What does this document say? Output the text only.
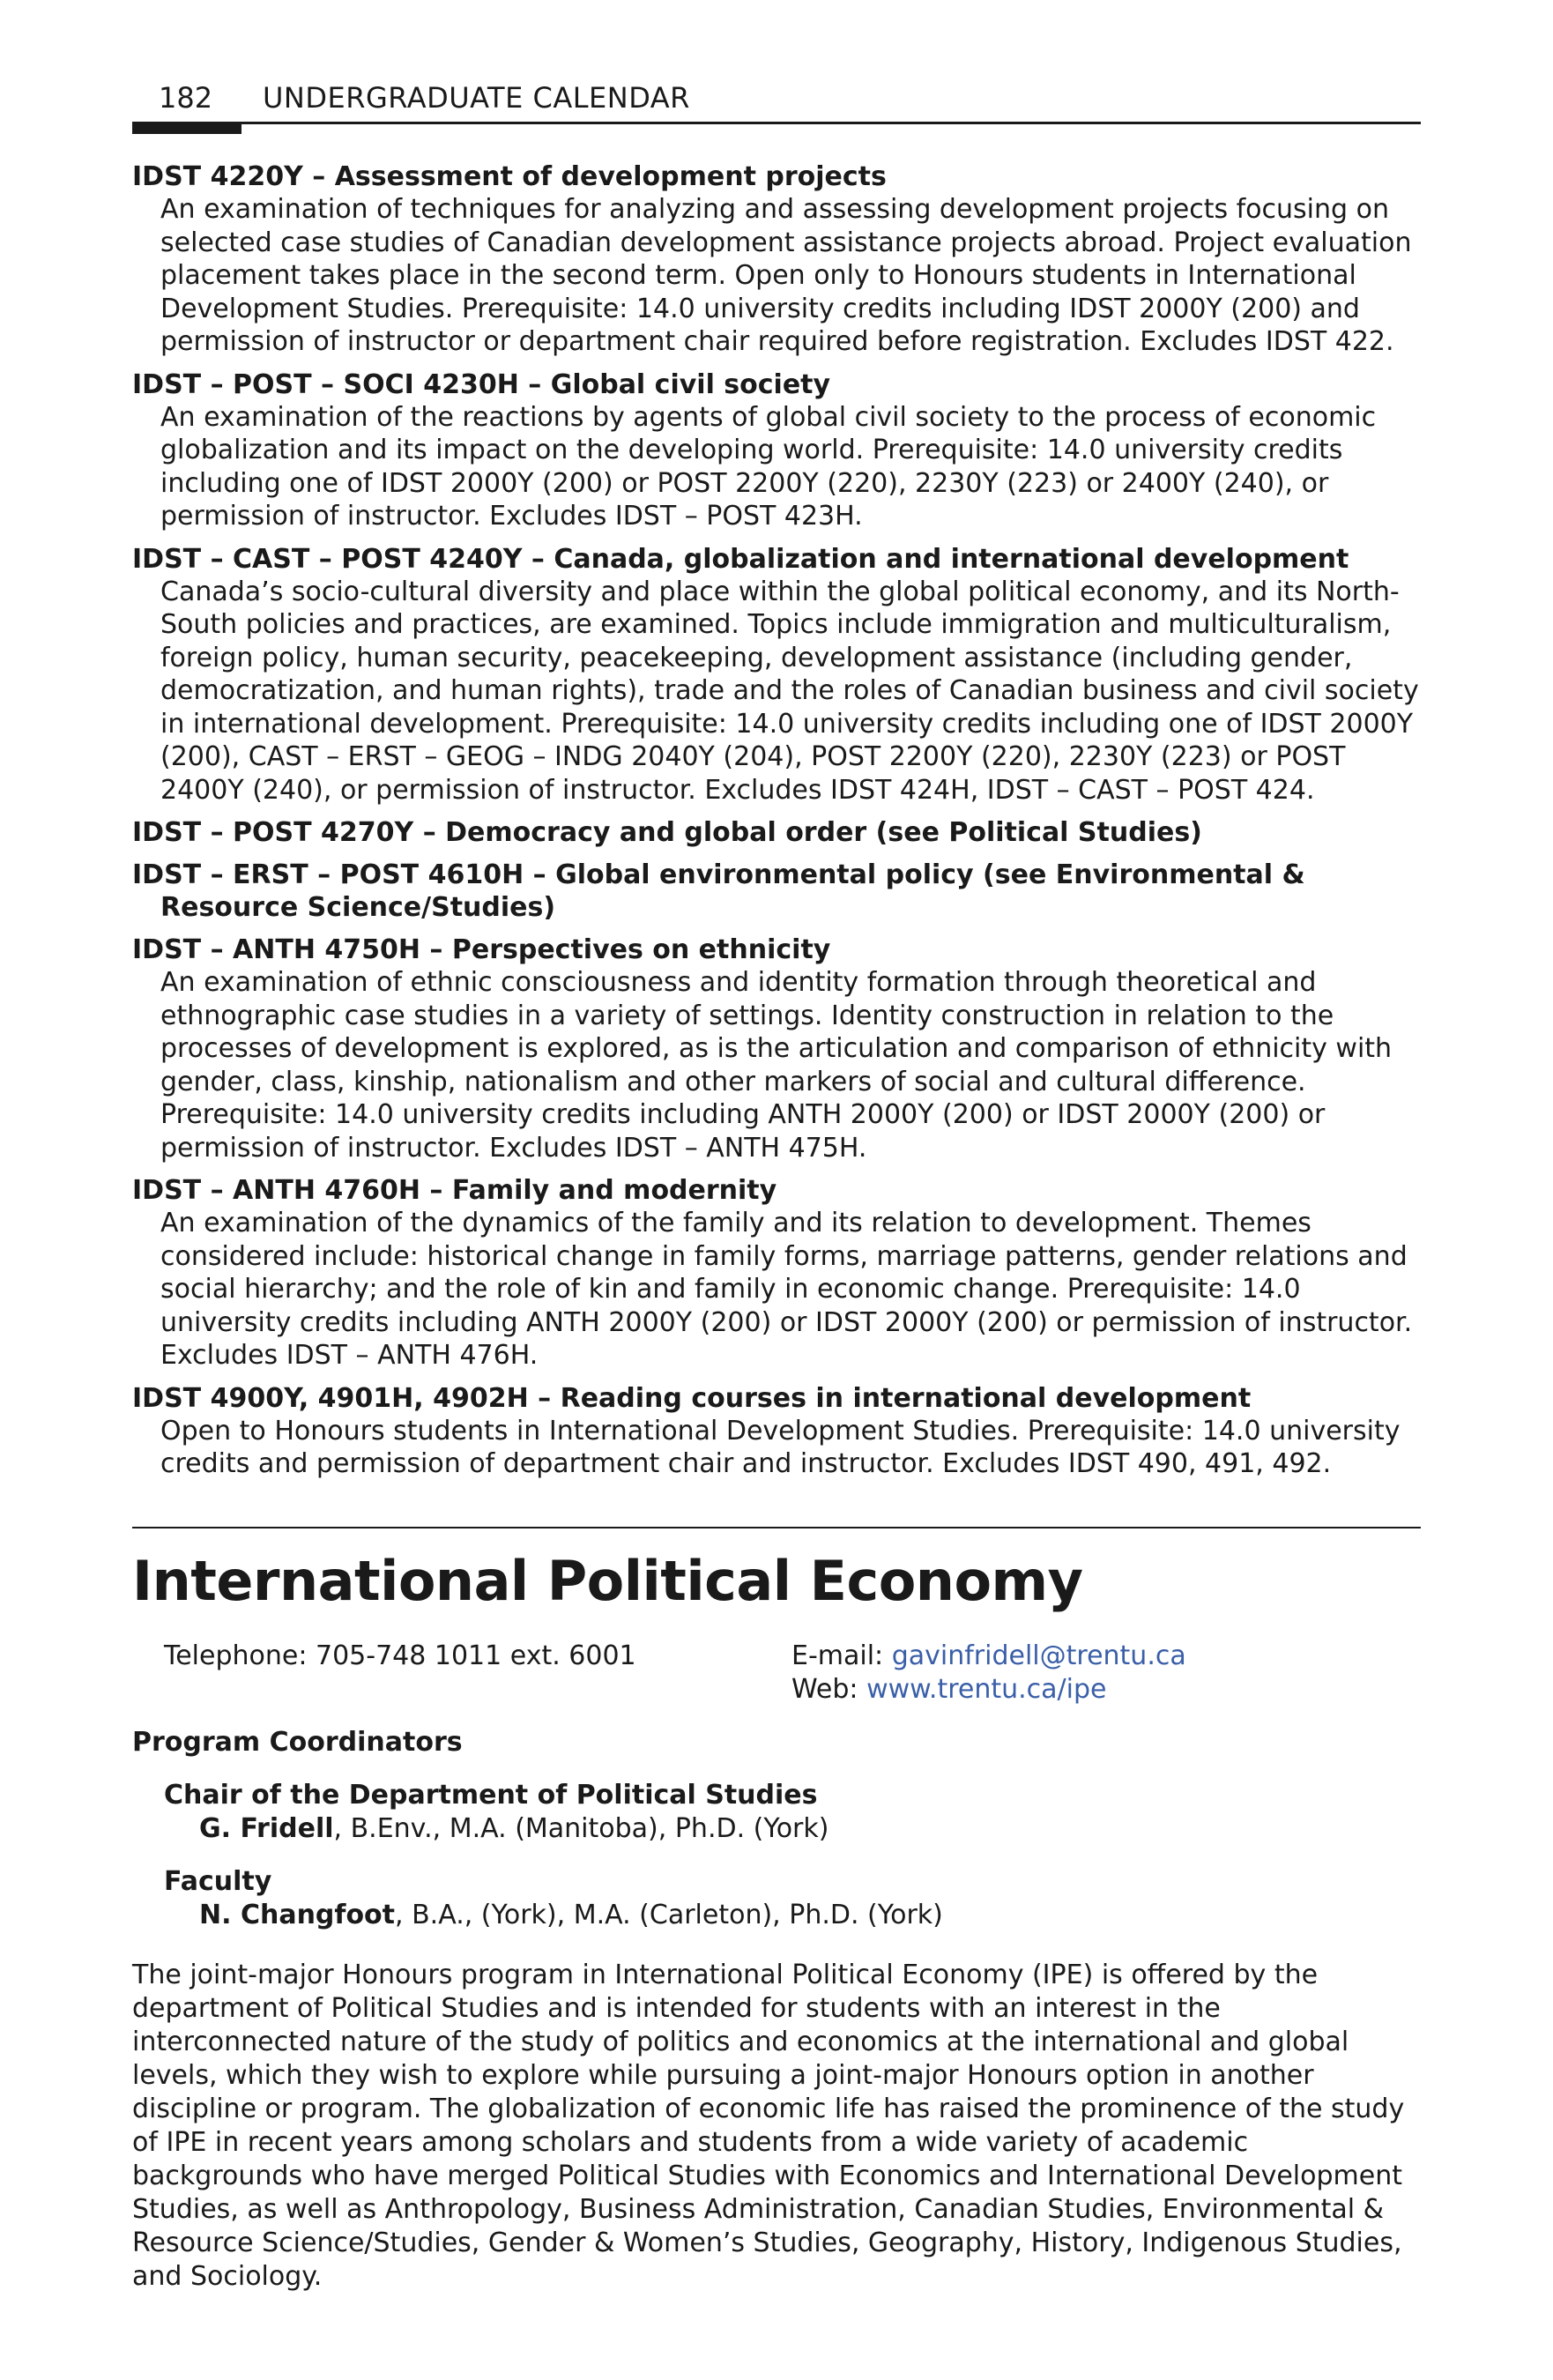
182 UNDERGRADUATE CALENDAR
IDST 4220Y – Assessment of development projects
An examination of techniques for analyzing and assessing development projects focusing on selected case studies of Canadian development assistance projects abroad. Project evaluation placement takes place in the second term. Open only to Honours students in International Development Studies. Prerequisite: 14.0 university credits including IDST 2000Y (200) and permission of instructor or department chair required before registration. Excludes IDST 422.
IDST – POST – SOCI 4230H – Global civil society
An examination of the reactions by agents of global civil society to the process of economic globalization and its impact on the developing world. Prerequisite: 14.0 university credits including one of IDST 2000Y (200) or POST 2200Y (220), 2230Y (223) or 2400Y (240), or permission of instructor. Excludes IDST – POST 423H.
IDST – CAST – POST 4240Y – Canada, globalization and international development
Canada’s socio-cultural diversity and place within the global political economy, and its North-South policies and practices, are examined. Topics include immigration and multiculturalism, foreign policy, human security, peacekeeping, development assistance (including gender, democratization, and human rights), trade and the roles of Canadian business and civil society in international development. Prerequisite: 14.0 university credits including one of IDST 2000Y (200), CAST – ERST – GEOG – INDG 2040Y (204), POST 2200Y (220), 2230Y (223) or POST 2400Y (240), or permission of instructor. Excludes IDST 424H, IDST – CAST – POST 424.
IDST – POST 4270Y – Democracy and global order (see Political Studies)
IDST – ERST – POST 4610H – Global environmental policy (see Environmental & Resource Science/Studies)
IDST – ANTH 4750H – Perspectives on ethnicity
An examination of ethnic consciousness and identity formation through theoretical and ethnographic case studies in a variety of settings. Identity construction in relation to the processes of development is explored, as is the articulation and comparison of ethnicity with gender, class, kinship, nationalism and other markers of social and cultural difference. Prerequisite: 14.0 university credits including ANTH 2000Y (200) or IDST 2000Y (200) or permission of instructor. Excludes IDST – ANTH 475H.
IDST – ANTH 4760H – Family and modernity
An examination of the dynamics of the family and its relation to development. Themes considered include: historical change in family forms, marriage patterns, gender relations and social hierarchy; and the role of kin and family in economic change. Prerequisite: 14.0 university credits including ANTH 2000Y (200) or IDST 2000Y (200) or permission of instructor. Excludes IDST – ANTH 476H.
IDST 4900Y, 4901H, 4902H – Reading courses in international development
Open to Honours students in International Development Studies. Prerequisite: 14.0 university credits and permission of department chair and instructor. Excludes IDST 490, 491, 492.
International Political Economy
Telephone: 705-748 1011 ext. 6001	E-mail: gavinfridell@trentu.ca
Web: www.trentu.ca/ipe
Program Coordinators
Chair of the Department of Political Studies
G. Fridell, B.Env., M.A. (Manitoba), Ph.D. (York)
Faculty
N. Changfoot, B.A., (York), M.A. (Carleton), Ph.D. (York)

The joint-major Honours program in International Political Economy (IPE) is offered by the department of Political Studies and is intended for students with an interest in the interconnected nature of the study of politics and economics at the international and global levels, which they wish to explore while pursuing a joint-major Honours option in another discipline or program. The globalization of economic life has raised the prominence of the study of IPE in recent years among scholars and students from a wide variety of academic backgrounds who have merged Political Studies with Economics and International Development Studies, as well as Anthropology, Business Administration, Canadian Studies, Environmental & Resource Science/Studies, Gender & Women’s Studies, Geography, History, Indigenous Studies, and Sociology.
